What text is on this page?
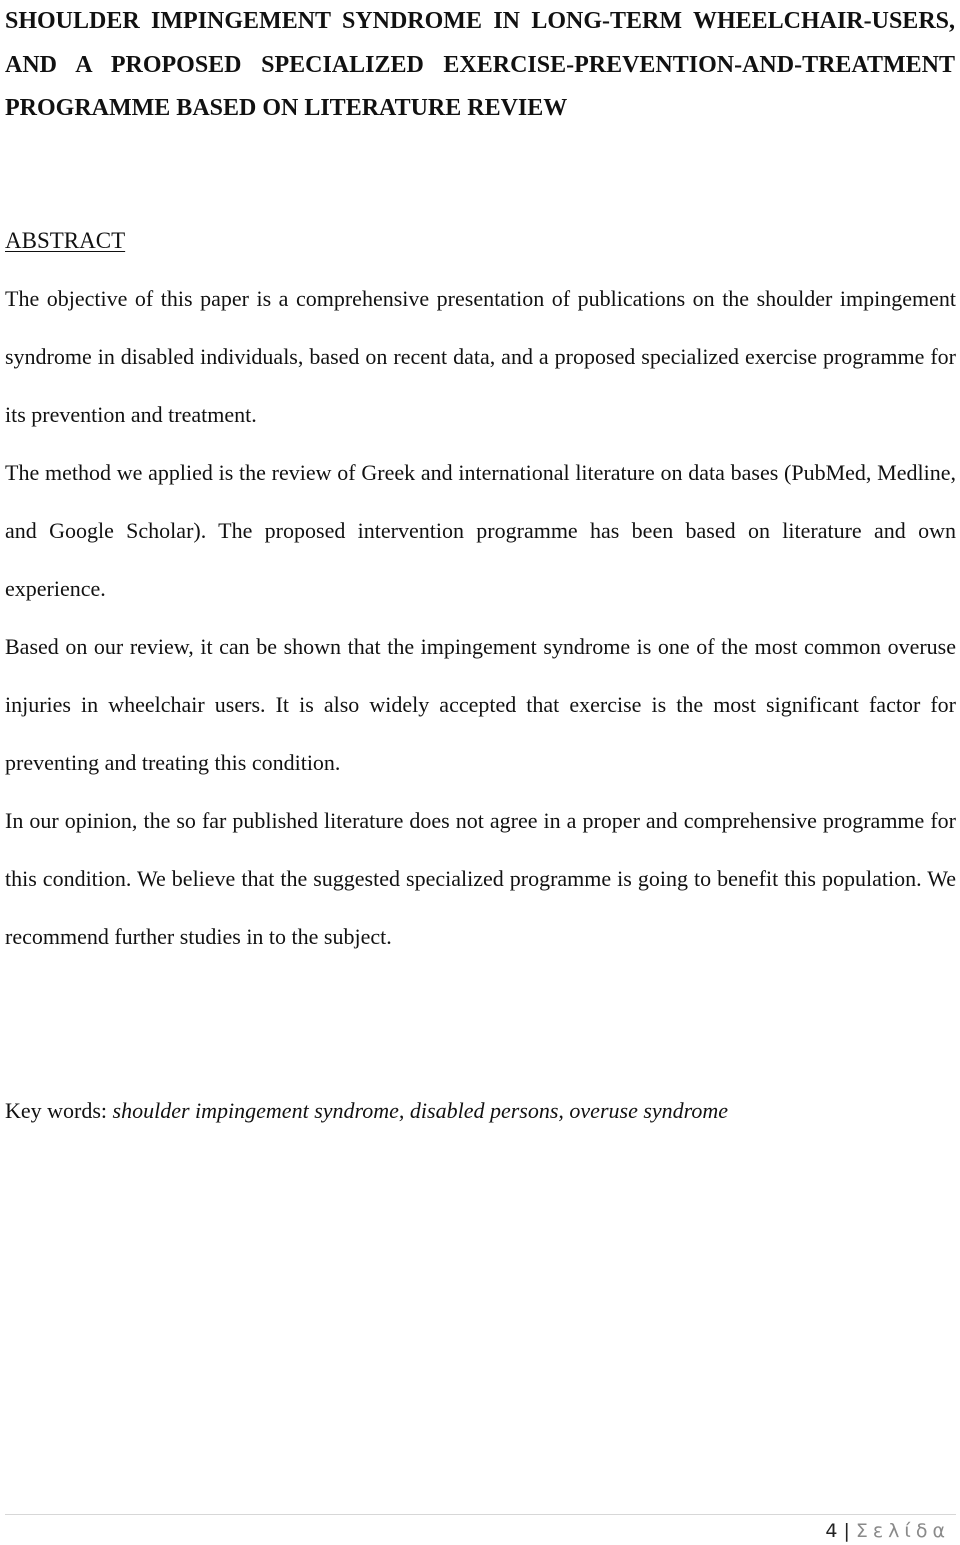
SHOULDER IMPINGEMENT SYNDROME IN LONG-TERM WHEELCHAIR-USERS, AND A PROPOSED SPECIALIZED EXERCISE-PREVENTION-AND-TREATMENT PROGRAMME BASED ON LITERATURE REVIEW
ABSTRACT

The objective of this paper is a comprehensive presentation of publications on the shoulder impingement syndrome in disabled individuals, based on recent data, and a proposed specialized exercise programme for its prevention and treatment.

The method we applied is the review of Greek and international literature on data bases (PubMed, Medline, and Google Scholar). The proposed intervention programme has been based on literature and own experience.

Based on our review, it can be shown that the impingement syndrome is one of the most common overuse injuries in wheelchair users. It is also widely accepted that exercise is the most significant factor for preventing and treating this condition.

In our opinion, the so far published literature does not agree in a proper and comprehensive programme for this condition. We believe that the suggested specialized programme is going to benefit this population. We recommend further studies in to the subject.

Key words: shoulder impingement syndrome, disabled persons, overuse syndrome

4 | Σελίδα
